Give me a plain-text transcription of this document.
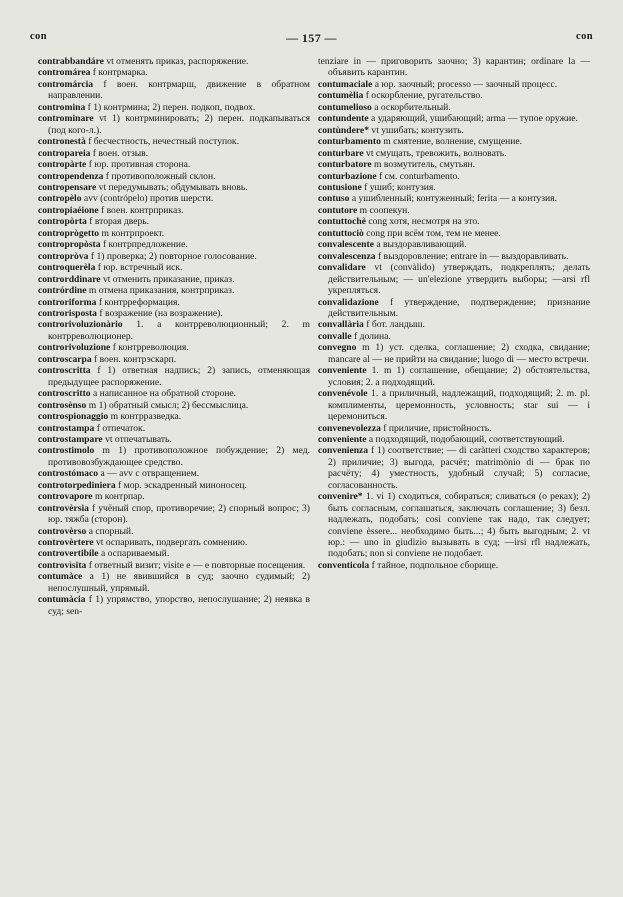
con	— 157 —	con
contrabbandáre vt отменять приказ, распоряжение.
contromárea f контрмарка.
contromárcia f воен. контрмарш, движение в обратном направлении.
contromina f 1) контрмина; 2) перен. подкоп, подвох.
controminare vt 1) контрминировать; 2) перен. подкапываться (под кого-л.).
contronestà f бесчестность, нечестный поступок.
contropareia f воен. отзыв.
contropàrte f юр. противная сторона.
contropendenza f противоположный склон.
contropensare vt передумывать; обдумывать вновь.
contropèlo avv (contrópelo) против шерсти.
contropiaéione f воен. контрприказ.
contropòrta f вторая дверь.
controprògetto m контрпроект.
contropropòsta f контрпредложение.
contropròva f 1) проверка; 2) повторное голосование.
controquerèla f юр. встречный иск.
controrddinare vt отменить приказание, приказ.
contrórdine m отмена приказания, контрприказ.
controriforma f контрреформация.
controrisposta f возражение (на возражение).
controrivoluzionàrio 1. a контрреволюционный; 2. m контрреволюционер.
controrivoluzione f контрреволюция.
controscarpa f воен. контрэскарп.
controscritta f 1) ответная надпись; 2) запись, отменяющая предыдущее распоряжение.
controscritto a написанное на обратной стороне.
controsènso m 1) обратный смысл; 2) бессмыслица.
controspionaggio m контрразведка.
controstampa f отпечаток.
controstampare vt отпечатывать.
controstimolo m 1) противоположное побуждение; 2) мед. противовозбуждающее средство.
controstómaco a — avv с отвращением.
controtorpediniera f мор. эскадренный миноносец.
controvapore m контрпар.
controvèrsia f учёный спор, противоречие; 2) спорный вопрос; 3) юр. тяжба (сторон).
controvèrso a спорный.
controvèrtere vt оспаривать, подвергать сомнению.
controvertibile a оспариваемый.
controvìsita f ответный визит; visite e — e повторные посещения.
contumàce a 1) не явившийся в суд; заочно судимый; 2) непослушный, упрямый.
contumàcia f 1) упрямство, упорство, непослушание; 2) неявка в суд; sen-
tenziare in — приговорить заочно; 3) карантин; ordinare la — объявить карантин.
contumaciale a юр. заочный; processo — заочный процесс.
contumèlia f оскорбление, ругательство.
contumelioso a оскорбительный.
contundente a ударяющий, ушибающий; arma — тупое оружие.
contùndere* vt ушибать; контузить.
conturbamento m смятение, волнение, смущение.
conturbare vt смущать, тревожить, волновать.
conturbatore m возмутитель, смутьян.
conturbazione f см. conturbamento.
contusione f ушиб; контузия.
contuso a ушибленный; контуженный; ferita — a контузия.
contutore m соопекун.
contuttochè cong хотя, несмотря на это.
contuttociò cong при всём том, тем не менее.
convalescente a выздоравливающий.
convalescenza f выздоровление; entrare in — выздоравливать.
convalidare vt (convàlido) утверждать, подкреплять; делать действительным; — un'elezione утвердить выборы; —arsi rfl укрепляться.
convalidazione f утверждение, подтверждение; признание действительным.
convallària f бот. ландыш.
convalle f долина.
convegno m 1) уст. сделка, соглашение; 2) сходка, свидание; mancare al — не прийти на свидание; luogo di — место встречи.
conveniente 1. m 1) соглашение, обещание; 2) обстоятельства, условия; 2. a подходящий.
convenévole 1. a приличный, надлежащий, подходящий; 2. m. pl. комплименты, церемонность, условность; star sui — i церемониться.
convenevolezza f приличие, пристойность.
conveniente a подходящий, подобающий, соответствующий.
convenienza f 1) соответствие; — di caràtteri сходство характеров; 2) приличие; 3) выгода, расчёт; matrimònio di — брак по расчёту; 4) уместность, удобный случай; 5) согласие, согласованность.
convenire* 1. vi 1) сходиться, собираться; сливаться (о реках); 2) быть согласным, соглашаться, заключать соглашение; 3) безл. надлежать, подобать; così conviene так надо, так следует; conviene èssere... необходимо быть...; 4) быть выгодным; 2. vt юр.: — uno in giudizio вызывать в суд; —irsi rfl надлежать, подобать; non si conviene не подобает.
conventicola f тайное, подпольное сборище.
